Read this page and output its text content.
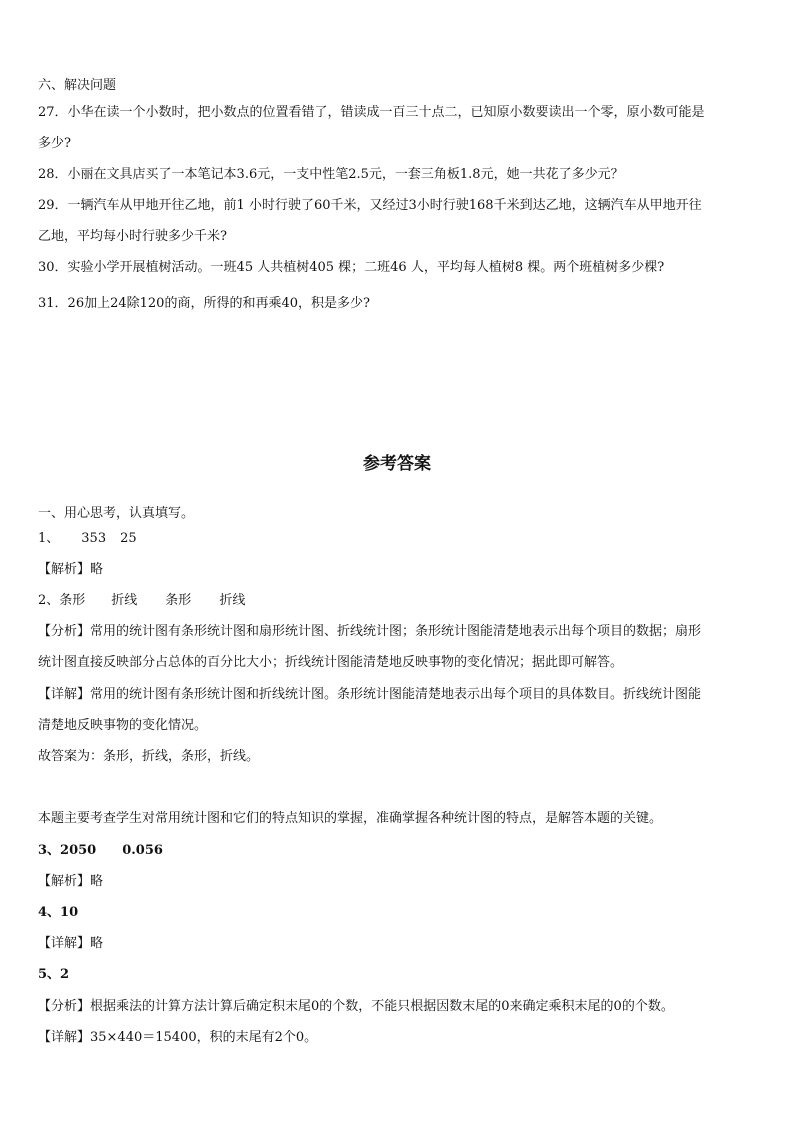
六、解决问题
27．小华在读一个小数时，把小数点的位置看错了，错读成一百三十点二，已知原小数要读出一个零，原小数可能是
多少?
28．小丽在文具店买了一本笔记本3.6元，一支中性笔2.5元，一套三角板1.8元，她一共花了多少元？
29．一辆汽车从甲地开往乙地，前1 小时行驶了60千米，又经过3小时行驶168千米到达乙地，这辆汽车从甲地开往
乙地，平均每小时行驶多少千米?
30．实验小学开展植树活动。一班45 人共植树405 棵；二班46 人，平均每人植树8 棵。两个班植树多少棵?
31．26加上24除120的商，所得的和再乘40，积是多少?
参考答案
一、用心思考，认真填写。
1、 353 25
【解析】略
2、条形 折线 条形 折线
【分析】常用的统计图有条形统计图和扇形统计图、折线统计图；条形统计图能清楚地表示出每个项目的数据；扇形
统计图直接反映部分占总体的百分比大小；折线统计图能清楚地反映事物的变化情况；据此即可解答。
【详解】常用的统计图有条形统计图和折线统计图。条形统计图能清楚地表示出每个项目的具体数目。折线统计图能
清楚地反映事物的变化情况。
故答案为：条形，折线，条形，折线。
本题主要考查学生对常用统计图和它们的特点知识的掌握，准确掌握各种统计图的特点，是解答本题的关键。
3、2050 0.056
【解析】略
4、10
【详解】略
5、2
【分析】根据乘法的计算方法计算后确定积末尾0的个数，不能只根据因数末尾的0来确定乘积末尾的0的个数。
【详解】35×440＝15400，积的末尾有2个0。
